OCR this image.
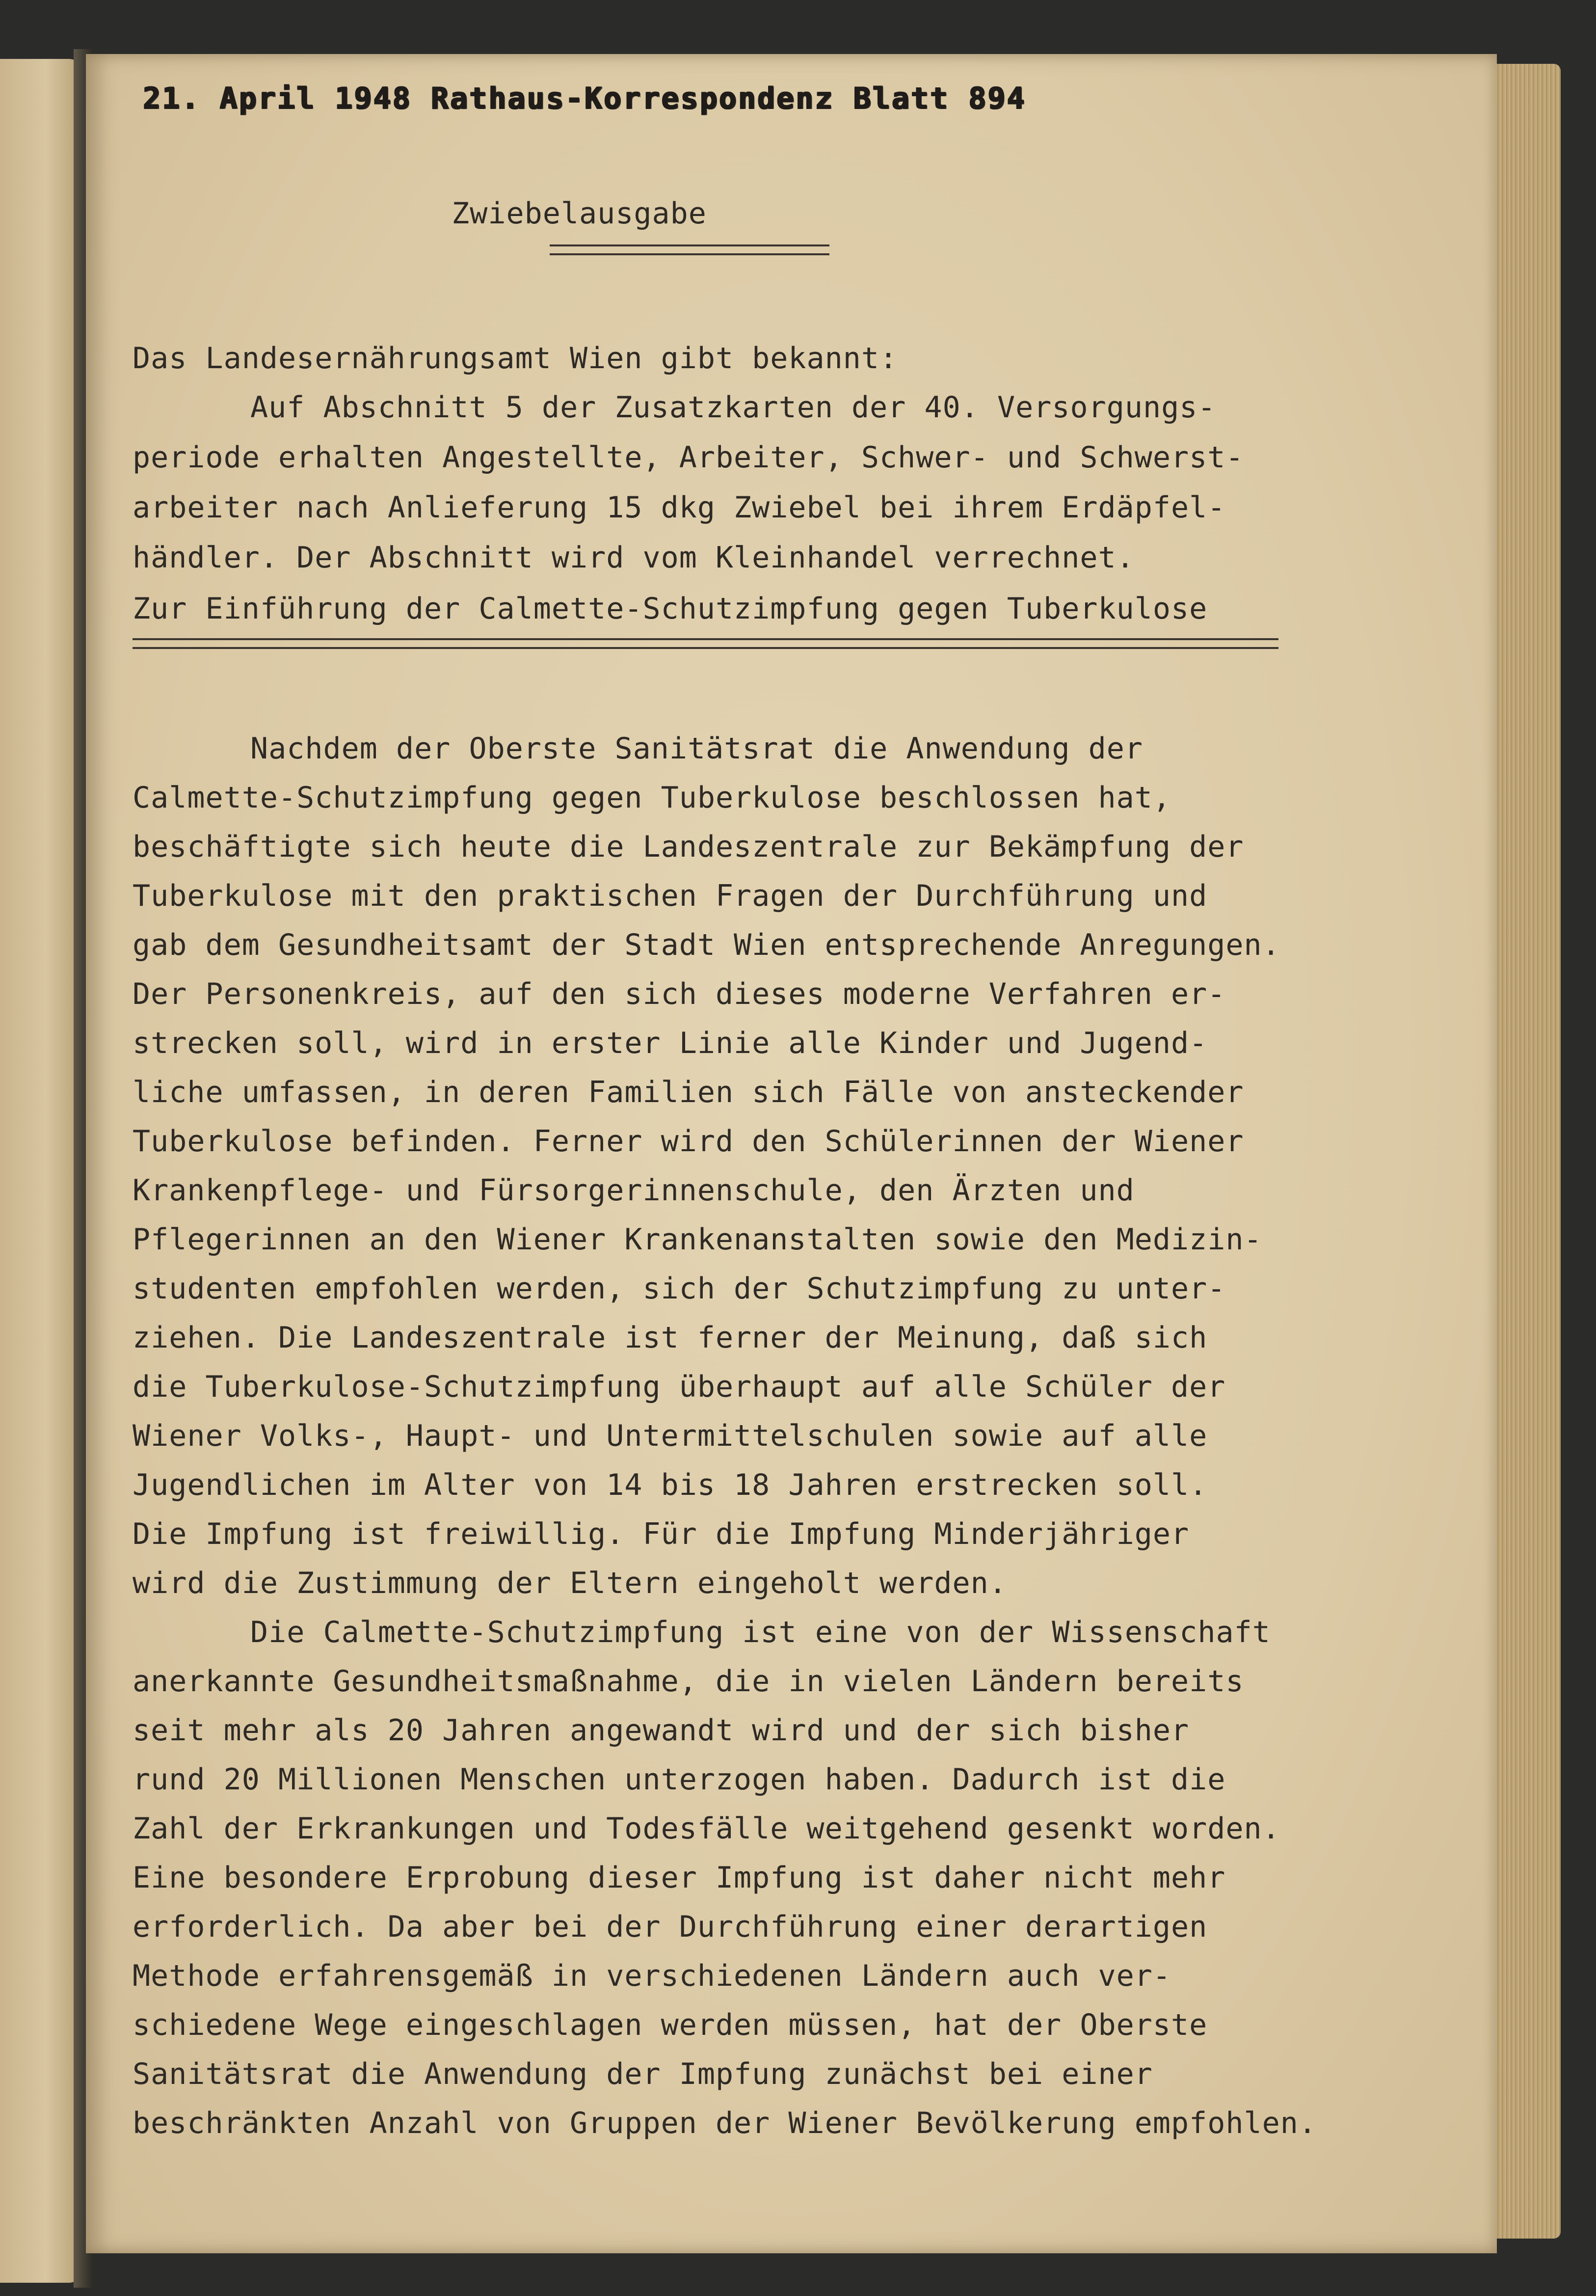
21. April 1948 Rathaus-Korrespondenz Blatt 894
Zwiebelausgabe
Das Landesernährungsamt Wien gibt bekannt:
Auf Abschnitt 5 der Zusatzkarten der 40. Versorgungs-
periode erhalten Angestellte, Arbeiter, Schwer- und Schwerst-
arbeiter nach Anlieferung 15 dkg Zwiebel bei ihrem Erdäpfel-
händler. Der Abschnitt wird vom Kleinhandel verrechnet.
Zur Einführung der Calmette-Schutzimpfung gegen Tuberkulose
Nachdem der Oberste Sanitätsrat die Anwendung der
Calmette-Schutzimpfung gegen Tuberkulose beschlossen hat,
beschäftigte sich heute die Landeszentrale zur Bekämpfung der
Tuberkulose mit den praktischen Fragen der Durchführung und
gab dem Gesundheitsamt der Stadt Wien entsprechende Anregungen.
Der Personenkreis, auf den sich dieses moderne Verfahren er-
strecken soll, wird in erster Linie alle Kinder und Jugend-
liche umfassen, in deren Familien sich Fälle von ansteckender
Tuberkulose befinden. Ferner wird den Schülerinnen der Wiener
Krankenpflege- und Fürsorgerinnenschule, den Ärzten und
Pflegerinnen an den Wiener Krankenanstalten sowie den Medizin-
studenten empfohlen werden, sich der Schutzimpfung zu unter-
ziehen. Die Landeszentrale ist ferner der Meinung, daß sich
die Tuberkulose-Schutzimpfung überhaupt auf alle Schüler der
Wiener Volks-, Haupt- und Untermittelschulen sowie auf alle
Jugendlichen im Alter von 14 bis 18 Jahren erstrecken soll.
Die Impfung ist freiwillig. Für die Impfung Minderjähriger
wird die Zustimmung der Eltern eingeholt werden.
Die Calmette-Schutzimpfung ist eine von der Wissenschaft
anerkannte Gesundheitsmaßnahme, die in vielen Ländern bereits
seit mehr als 20 Jahren angewandt wird und der sich bisher
rund 20 Millionen Menschen unterzogen haben. Dadurch ist die
Zahl der Erkrankungen und Todesfälle weitgehend gesenkt worden.
Eine besondere Erprobung dieser Impfung ist daher nicht mehr
erforderlich. Da aber bei der Durchführung einer derartigen
Methode erfahrensgemäß in verschiedenen Ländern auch ver-
schiedene Wege eingeschlagen werden müssen, hat der Oberste
Sanitätsrat die Anwendung der Impfung zunächst bei einer
beschränkten Anzahl von Gruppen der Wiener Bevölkerung empfohlen.
